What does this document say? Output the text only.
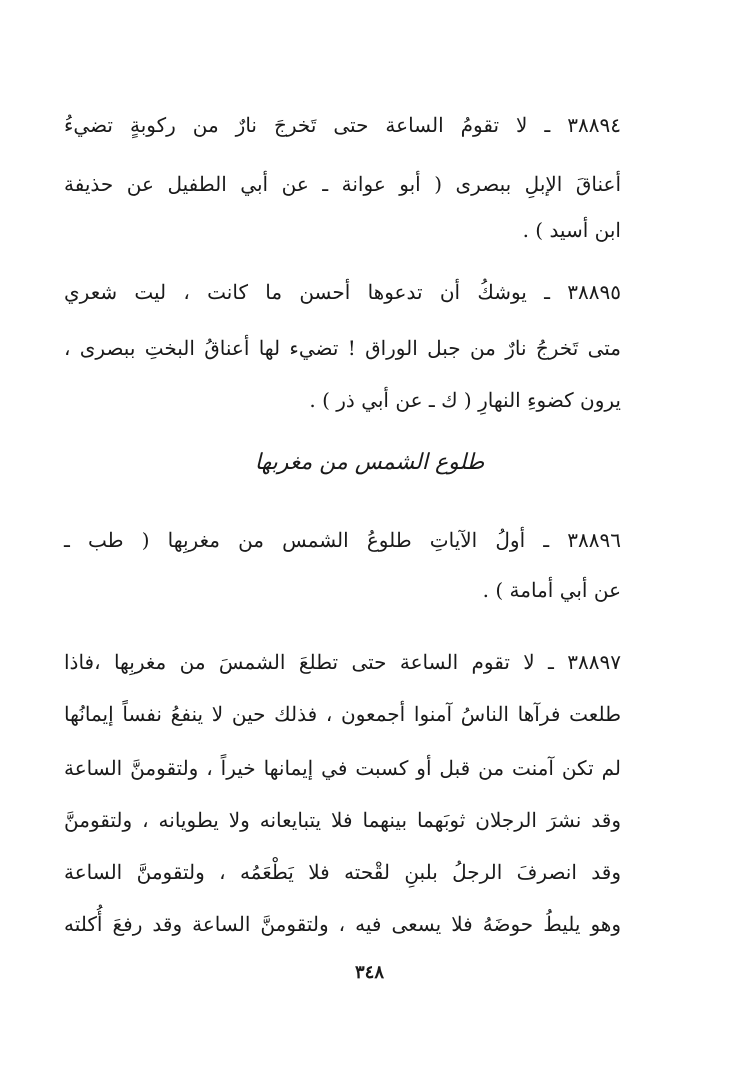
٣٨٨٩٤ ـ لا تقومُ الساعة حتى تَخرجَ نارٌ من ركوبةٍ تضيءُ
أعناقَ الإبلِ ببصرى ( أبو عوانة ـ عن أبي الطفيل عن حذيفة
ابن أسيد ) .
٣٨٨٩٥ ـ يوشكُ أن تدعوها أحسن ما كانت ، ليت شعري
متى تَخرجُ نارٌ من جبل الوراق ! تضيء لها أعناقُ البختِ ببصرى ،
يرون كضوءِ النهارِ ( ك ـ عن أبي ذر ) .
طلوع الشمس من مغربها
٣٨٨٩٦ ـ أولُ الآياتِ طلوعُ الشمس من مغربِها ( طب ـ
عن أبي أمامة ) .
٣٨٨٩٧ ـ لا تقوم الساعة حتى تطلعَ الشمسَ من مغربِها ،فاذا
طلعت فرآها الناسُ آمنوا أجمعون ، فذلك حين لا ينفعُ نفساً إيمانُها
لم تكن آمنت من قبل أو كسبت في إيمانها خيراً ، ولتقومنَّ الساعة
وقد نشرَ الرجلان ثوبَهما بينهما فلا يتبايعانه ولا يطويانه ، ولتقومنَّ
وقد انصرفَ الرجلُ بلبنِ لقْحته فلا يَطْعَمُه ، ولتقومنَّ الساعة
وهو يليطُ حوضَهُ فلا يسعى فيه ، ولتقومنَّ الساعة وقد رفعَ أُكلته
٣٤٨
